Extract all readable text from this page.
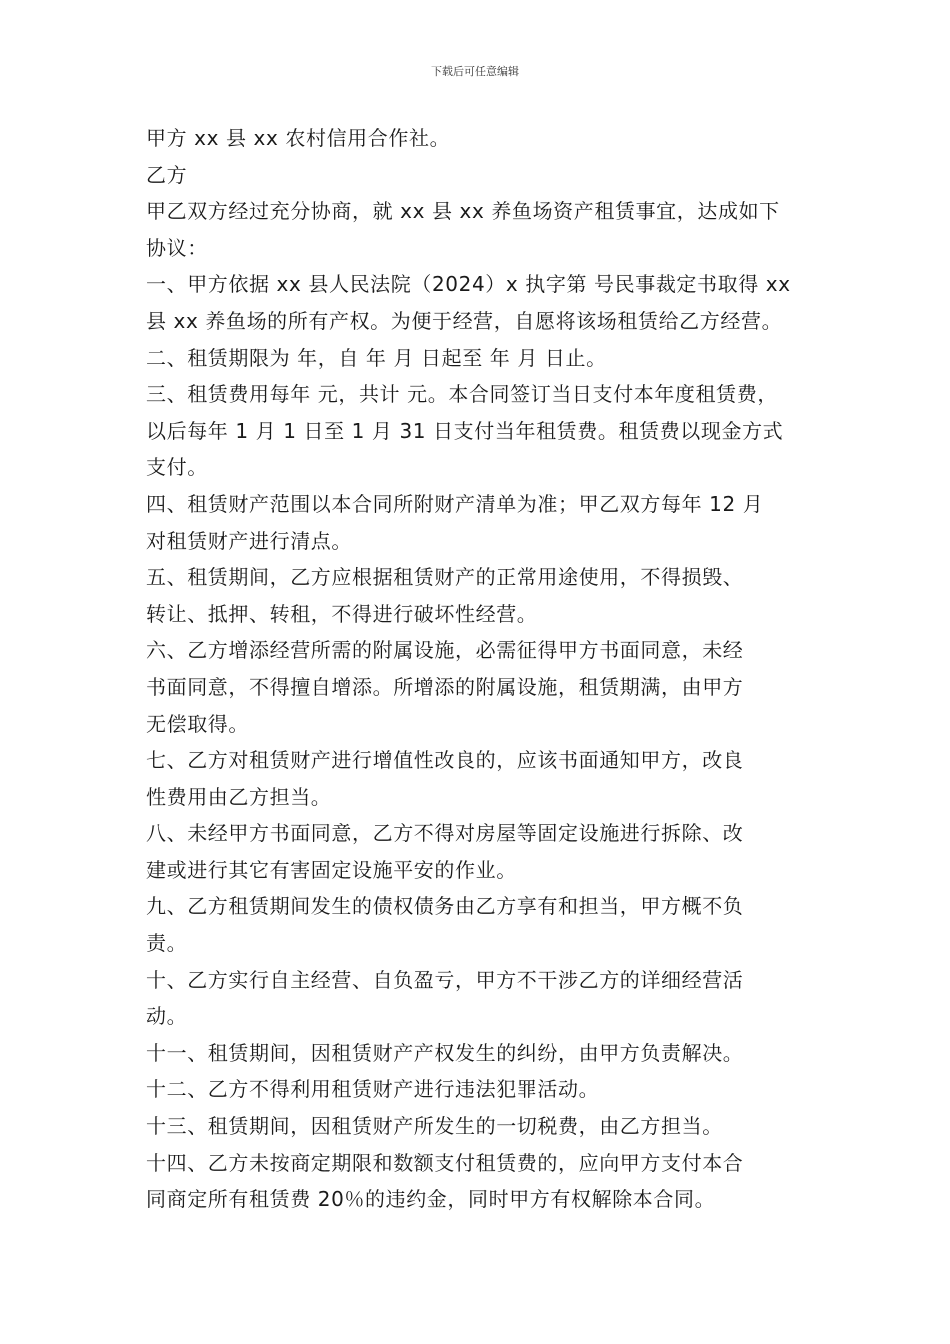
下载后可任意编辑
甲方 xx 县 xx 农村信用合作社。
乙方
甲乙双方经过充分协商，就 xx 县 xx 养鱼场资产租赁事宜，达成如下
协议：
一、甲方依据 xx 县人民法院（2024）x 执字第 号民事裁定书取得 xx
县 xx 养鱼场的所有产权。为便于经营，自愿将该场租赁给乙方经营。
二、租赁期限为 年，自 年 月 日起至 年 月 日止。
三、租赁费用每年 元，共计 元。本合同签订当日支付本年度租赁费，
以后每年 1 月 1 日至 1 月 31 日支付当年租赁费。租赁费以现金方式
支付。
四、租赁财产范围以本合同所附财产清单为准；甲乙双方每年 12 月
对租赁财产进行清点。
五、租赁期间，乙方应根据租赁财产的正常用途使用，不得损毁、
转让、抵押、转租，不得进行破坏性经营。
六、乙方增添经营所需的附属设施，必需征得甲方书面同意，未经
书面同意，不得擅自增添。所增添的附属设施，租赁期满，由甲方
无偿取得。
七、乙方对租赁财产进行增值性改良的，应该书面通知甲方，改良
性费用由乙方担当。
八、未经甲方书面同意，乙方不得对房屋等固定设施进行拆除、改
建或进行其它有害固定设施平安的作业。
九、乙方租赁期间发生的债权债务由乙方享有和担当，甲方概不负
责。
十、乙方实行自主经营、自负盈亏，甲方不干涉乙方的详细经营活
动。
十一、租赁期间，因租赁财产产权发生的纠纷，由甲方负责解决。
十二、乙方不得利用租赁财产进行违法犯罪活动。
十三、租赁期间，因租赁财产所发生的一切税费，由乙方担当。
十四、乙方未按商定期限和数额支付租赁费的，应向甲方支付本合
同商定所有租赁费 20％的违约金，同时甲方有权解除本合同。
